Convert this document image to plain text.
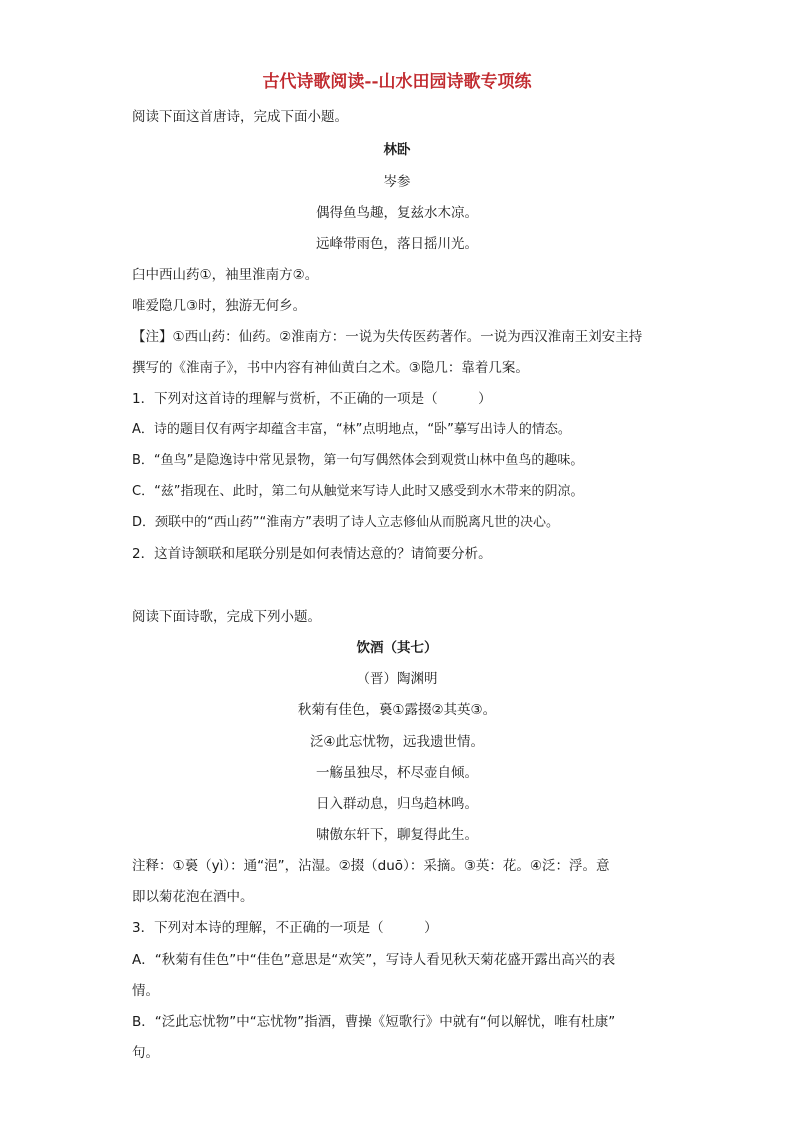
古代诗歌阅读--山水田园诗歌专项练
阅读下面这首唐诗，完成下面小题。
林卧
岑参
偶得鱼鸟趣，复兹水木凉。
远峰带雨色，落日摇川光。
臼中西山药①，袖里淮南方②。
唯爱隐几③时，独游无何乡。
【注】①西山药：仙药。②淮南方：一说为失传医药著作。一说为西汉淮南王刘安主持
撰写的《淮南子》，书中内容有神仙黄白之术。③隐几：靠着几案。
1．下列对这首诗的理解与赏析，不正确的一项是（　　　）
A．诗的题目仅有两字却蕴含丰富，“林”点明地点，“卧”摹写出诗人的情态。
B．“鱼鸟”是隐逸诗中常见景物，第一句写偶然体会到观赏山林中鱼鸟的趣味。
C．“兹”指现在、此时，第二句从触觉来写诗人此时又感受到水木带来的阴凉。
D．颈联中的“西山药”“淮南方”表明了诗人立志修仙从而脱离凡世的决心。
2．这首诗颔联和尾联分别是如何表情达意的？请简要分析。
阅读下面诗歌，完成下列小题。
饮酒（其七）
（晋）陶渊明
秋菊有佳色，裛①露掇②其英③。
泛④此忘忧物，远我遗世情。
一觞虽独尽，杯尽壶自倾。
日入群动息，归鸟趋林鸣。
啸傲东轩下，聊复得此生。
注释：①裛（yì）：通“浥”，沾湿。②掇（duō）：采摘。③英：花。④泛：浮。意
即以菊花泡在酒中。
3．下列对本诗的理解，不正确的一项是（　　　）
A．“秋菊有佳色”中“佳色”意思是“欢笑”，写诗人看见秋天菊花盛开露出高兴的表
情。
B．“泛此忘忧物”中“忘忧物”指酒，曹操《短歌行》中就有“何以解忧，唯有杜康”
句。
